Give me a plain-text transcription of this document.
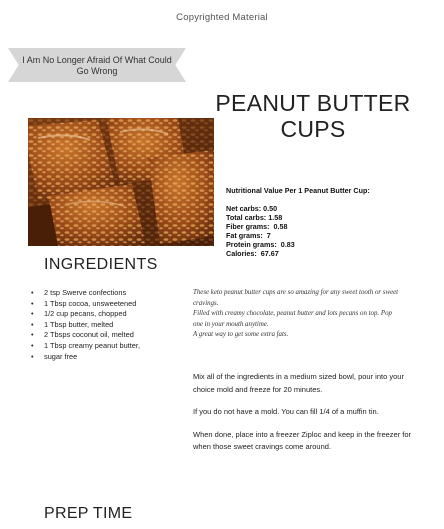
Copyrighted Material
I Am No Longer Afraid Of What Could Go Wrong
PEANUT BUTTER
CUPS
Nutritional Value Per 1 Peanut Butter Cup:
Net carbs: 0.50
Total carbs: 1.58
Fiber grams:  0.58
Fat grams:  7
Protein grams:  0.83
Calories:  67.67
INGREDIENTS
• 2 tsp Swerve confections
• 1 Tbsp cocoa, unsweetened
• 1/2 cup pecans, chopped
• 1 Tbsp butter, melted
• 2 Tbsps coconut oil, melted
• 1 Tbsp creamy peanut butter,
• sugar free

These keto peanut butter cups are so amazing for any sweet tooth or sweet cravings.

Filled with creamy chocolate, peanut butter and lots pecans on top. Pop one in your mouth anytime.

A great way to get some extra fats.

Mix all of the ingredients in a medium sized bowl, pour into your choice mold and freeze for 20 minutes.

If you do not have a mold. You can fill 1/4 of a muffin tin.

When done, place into a freezer Ziploc and keep in the freezer for when those sweet cravings come around.

PREP TIME
